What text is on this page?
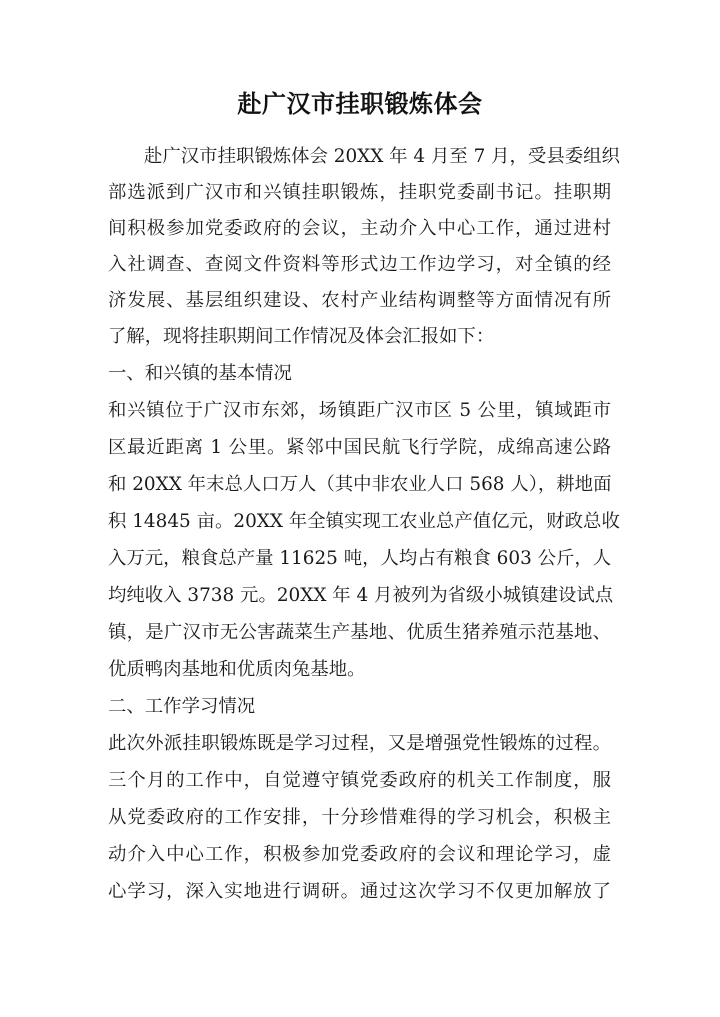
赴广汉市挂职锻炼体会
赴广汉市挂职锻炼体会 20XX 年 4 月至 7 月，受县委组织
部选派到广汉市和兴镇挂职锻炼，挂职党委副书记。挂职期
间积极参加党委政府的会议，主动介入中心工作，通过进村
入社调查、查阅文件资料等形式边工作边学习，对全镇的经
济发展、基层组织建设、农村产业结构调整等方面情况有所
了解，现将挂职期间工作情况及体会汇报如下：
一、和兴镇的基本情况
和兴镇位于广汉市东郊，场镇距广汉市区 5 公里，镇域距市
区最近距离 1 公里。紧邻中国民航飞行学院，成绵高速公路
和 20XX 年末总人口万人（其中非农业人口 568 人），耕地面
积 14845 亩。20XX 年全镇实现工农业总产值亿元，财政总收
入万元，粮食总产量 11625 吨，人均占有粮食 603 公斤，人
均纯收入 3738 元。20XX 年 4 月被列为省级小城镇建设试点
镇，是广汉市无公害蔬菜生产基地、优质生猪养殖示范基地、
优质鸭肉基地和优质肉兔基地。
二、工作学习情况
此次外派挂职锻炼既是学习过程，又是增强党性锻炼的过程。
三个月的工作中，自觉遵守镇党委政府的机关工作制度，服
从党委政府的工作安排，十分珍惜难得的学习机会，积极主
动介入中心工作，积极参加党委政府的会议和理论学习，虚
心学习，深入实地进行调研。通过这次学习不仅更加解放了
